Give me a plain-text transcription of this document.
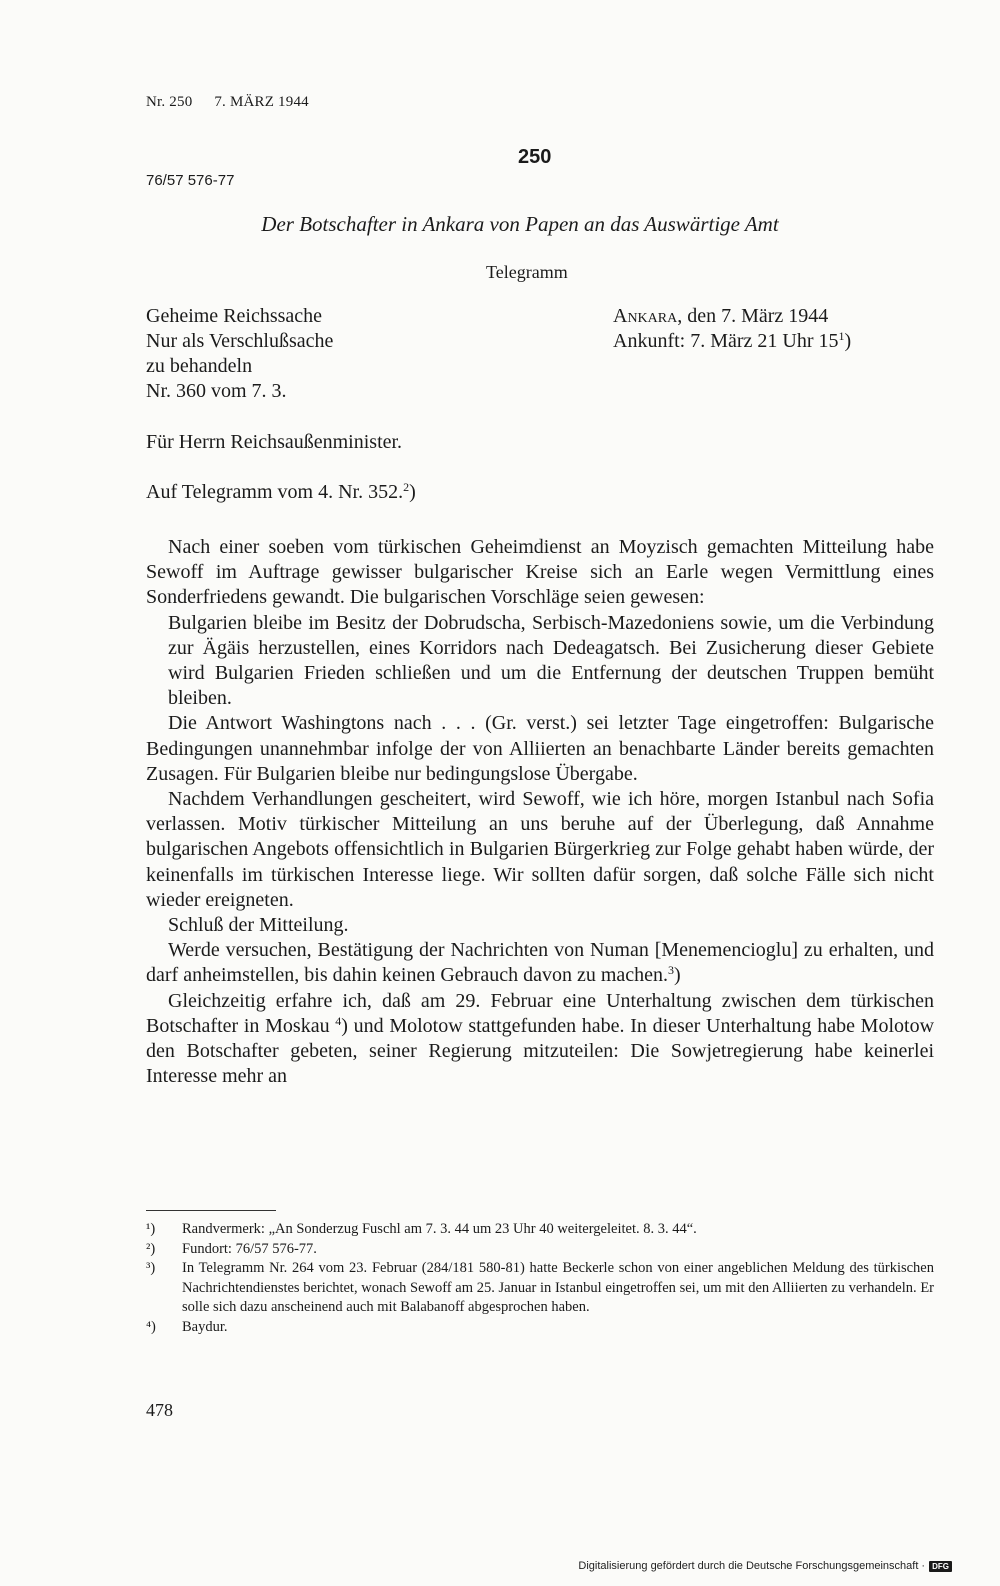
Nr. 250 7. MÄRZ 1944
250
76/57 576-77
Der Botschafter in Ankara von Papen an das Auswärtige Amt
Telegramm
Geheime Reichssache
Nur als Verschlußsache
zu behandeln
Nr. 360 vom 7. 3.
Ankara, den 7. März 1944
Ankunft: 7. März 21 Uhr $15^1$)
Für Herrn Reichsaußenminister.
Auf Telegramm vom 4. Nr. 352.$^2$)

Nach einer soeben vom türkischen Geheimdienst an Moyzisch gemachten Mitteilung habe Sewoff im Auftrage gewisser bulgarischer Kreise sich an Earle wegen Vermittlung eines Sonderfriedens gewandt. Die bulgarischen Vorschläge seien gewesen:

Bulgarien bleibe im Besitz der Dobrudscha, Serbisch-Mazedoniens sowie, um die Verbindung zur Ägäis herzustellen, eines Korridors nach Dedeagatsch. Bei Zusicherung dieser Gebiete wird Bulgarien Frieden schließen und um die Entfernung der deutschen Truppen bemüht bleiben.

Die Antwort Washingtons nach . . . (Gr. verst.) sei letzter Tage eingetroffen: Bulgarische Bedingungen unannehmbar infolge der von Alliierten an benachbarte Länder bereits gemachten Zusagen. Für Bulgarien bleibe nur bedingungslose Übergabe.

Nachdem Verhandlungen gescheitert, wird Sewoff, wie ich höre, morgen Istanbul nach Sofia verlassen. Motiv türkischer Mitteilung an uns beruhe auf der Überlegung, daß Annahme bulgarischen Angebots offensichtlich in Bulgarien Bürgerkrieg zur Folge gehabt haben würde, der keinenfalls im türkischen Interesse liege. Wir sollten dafür sorgen, daß solche Fälle sich nicht wieder ereigneten.

Schluß der Mitteilung.

Werde versuchen, Bestätigung der Nachrichten von Numan [Menemencioglu] zu erhalten, und darf anheimstellen, bis dahin keinen Gebrauch davon zu machen.$^3$)

Gleichzeitig erfahre ich, daß am 29. Februar eine Unterhaltung zwischen dem türkischen Botschafter in Moskau $^4$) und Molotow stattgefunden habe. In dieser Unterhaltung habe Molotow den Botschafter gebeten, seiner Regierung mitzuteilen: Die Sowjetregierung habe keinerlei Interesse mehr an

¹)	Randvermerk: „An Sonderzug Fuschl am 7. 3. 44 um 23 Uhr 40 weitergeleitet. 8. 3. 44“.
²)	Fundort: 76/57 576-77.
³)	In Telegramm Nr. 264 vom 23. Februar (284/181 580-81) hatte Beckerle schon von einer angeblichen Meldung des türkischen Nachrichtendienstes berichtet, wonach Sewoff am 25. Januar in Istanbul eingetroffen sei, um mit den Alliierten zu verhandeln. Er solle sich dazu anscheinend auch mit Balabanoff abgesprochen haben.
⁴)	Baydur.
478
Digitalisierung gefördert durch die Deutsche Forschungsgemeinschaft · DFG
